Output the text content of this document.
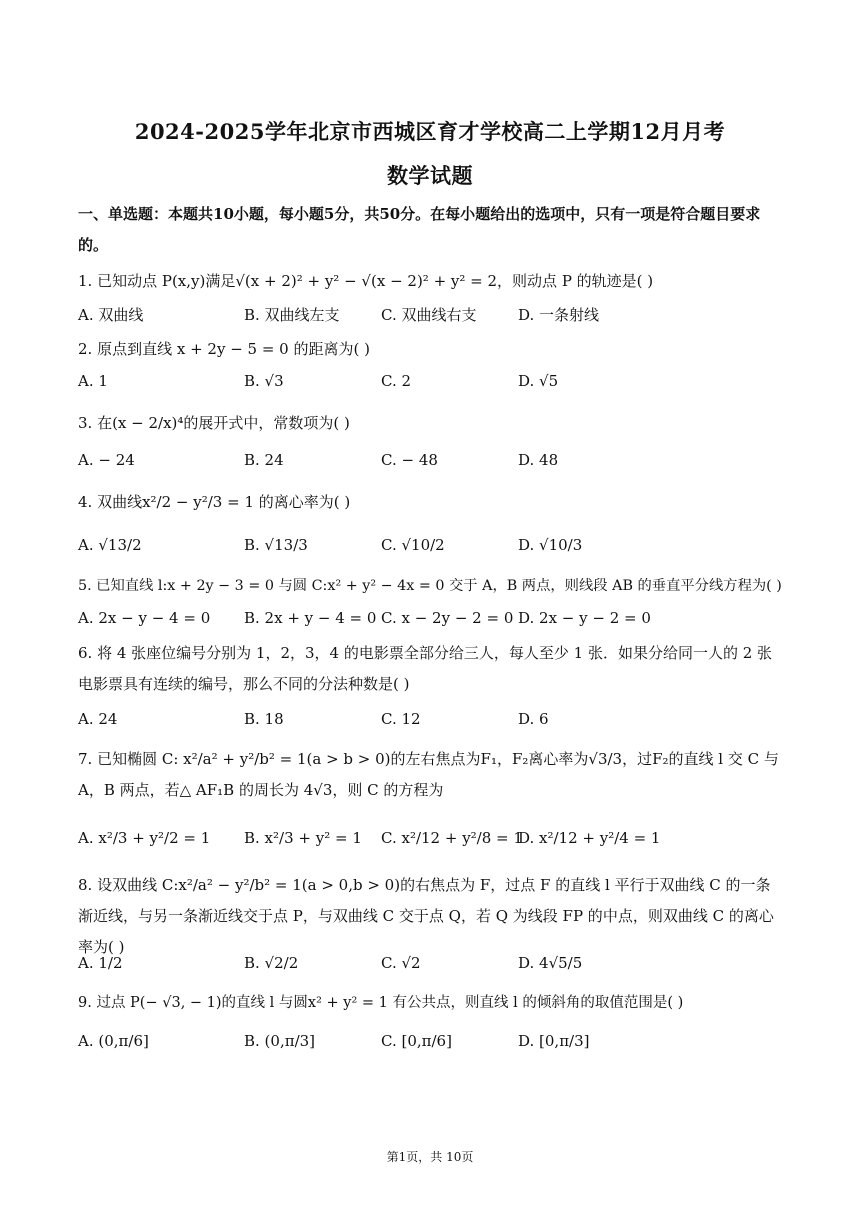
2024-2025学年北京市西城区育才学校高二上学期12月月考
数学试题
一、单选题：本题共10小题，每小题5分，共50分。在每小题给出的选项中，只有一项是符合题目要求的。
1. 已知动点 P(x,y)满足√(x + 2)² + y² − √(x − 2)² + y² = 2，则动点 P 的轨迹是( )
A. 双曲线	B. 双曲线左支	C. 双曲线右支	D. 一条射线
2. 原点到直线 x + 2y − 5 = 0 的距离为( )
A. 1	B. √3	C. 2	D. √5
3. 在(x − 2/x)⁴的展开式中，常数项为( )
A. − 24	B. 24	C. − 48	D. 48
4. 双曲线x²/2 − y²/3 = 1 的离心率为( )
A. √13/2	B. √13/3	C. √10/2	D. √10/3
5. 已知直线 l:x + 2y − 3 = 0 与圆 C:x² + y² − 4x = 0 交于 A，B 两点，则线段 AB 的垂直平分线方程为( )
A. 2x − y − 4 = 0 B. 2x + y − 4 = 0 C. x − 2y − 2 = 0 D. 2x − y − 2 = 0
6. 将 4 张座位编号分别为 1，2，3，4 的电影票全部分给三人，每人至少 1 张．如果分给同一人的 2 张电影票具有连续的编号，那么不同的分法种数是( )
A. 24	B. 18	C. 12	D. 6
7. 已知椭圆 C: x²/a² + y²/b² = 1(a > b > 0)的左右焦点为F₁，F₂离心率为√3/3，过F₂的直线 l 交 C 与 A，B 两点，若△ AF₁B 的周长为 4√3，则 C 的方程为
A. x²/3 + y²/2 = 1 B. x²/3 + y² = 1 C. x²/12 + y²/8 = 1
D. x²/12 + y²/4 = 1
8. 设双曲线 C:x²/a² − y²/b² = 1(a > 0,b > 0)的右焦点为 F，过点 F 的直线 l 平行于双曲线 C 的一条渐近线，与另一条渐近线交于点 P，与双曲线 C 交于点 Q，若 Q 为线段 FP 的中点，则双曲线 C 的离心率为( )
A. 1/2	B. √2/2	C. √2	D. 4√5/5
9. 过点 P(− √3, − 1)的直线 l 与圆x² + y² = 1 有公共点，则直线 l 的倾斜角的取值范围是( )
A. (0,π/6]	B. (0,π/3]	C. [0,π/6]	D. [0,π/3]
第1页，共 10页
